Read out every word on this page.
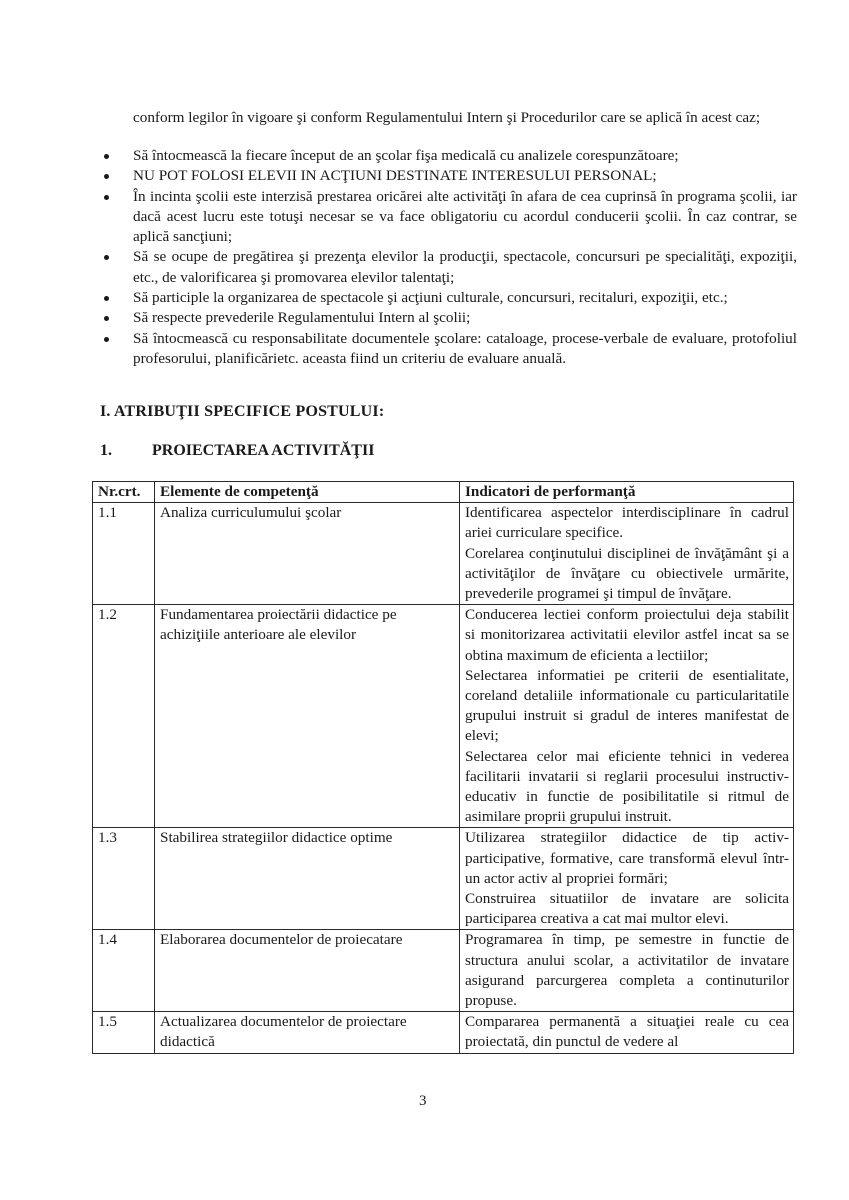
conform legilor în vigoare şi conform Regulamentului Intern şi Procedurilor care se aplică în acest caz;
Să întocmească la fiecare început de an şcolar fişa medicală cu analizele corespunzătoare;
NU POT FOLOSI ELEVII IN ACŢIUNI DESTINATE INTERESULUI PERSONAL;
În incinta şcolii este interzisă prestarea oricărei alte activităţi în afara de cea cuprinsă în programa şcolii, iar dacă acest lucru este totuşi necesar se va face obligatoriu cu acordul conducerii şcolii. În caz contrar, se aplică sancţiuni;
Să se ocupe de pregătirea şi prezenţa elevilor la producţii, spectacole, concursuri pe specialităţi, expoziţii, etc., de valorificarea şi promovarea elevilor talentaţi;
Să participle la organizarea de spectacole şi acţiuni culturale, concursuri, recitaluri, expoziţii, etc.;
Să respecte prevederile Regulamentului Intern al şcolii;
Să întocmească cu responsabilitate documentele şcolare: cataloage, procese-verbale de evaluare, protofoliul profesorului, planificărietc. aceasta fiind un criteriu de evaluare anuală.
I. ATRIBUŢII SPECIFICE POSTULUI:
1.	PROIECTAREA ACTIVITĂŢII
Nr.crt.	Elemente de competenţă	Indicatori de performanţă
1.1	Analiza curriculumului şcolar	Identificarea aspectelor interdisciplinare în cadrul ariei curriculare specifice.
Corelarea conţinutului disciplinei de învăţământ şi a activităţilor de învăţare cu obiectivele urmărite, prevederile programei şi timpul de învăţare.

1.2	Fundamentarea proiectării didactice pe achiziţiile anterioare ale elevilor	Conducerea lectiei conform proiectului deja stabilit si monitorizarea activitatii elevilor astfel incat sa se obtina maximum de eficienta a lectiilor;
Selectarea informatiei pe criterii de esentialitate, coreland detaliile informationale cu particularitatile grupului instruit si gradul de interes manifestat de elevi;
Selectarea celor mai eficiente tehnici in vederea facilitarii invatarii si reglarii procesului instructiv-educativ in functie de posibilitatile si ritmul de asimilare proprii grupului instruit.

1.3	Stabilirea strategiilor didactice optime	Utilizarea strategiilor didactice de tip activ-participative, formative, care transformă elevul într-un actor activ al propriei formări;
Construirea situatiilor de invatare are solicita participarea creativa a cat mai multor elevi.

1.4	Elaborarea documentelor de proiecatare	Programarea în timp, pe semestre in functie de structura anului scolar, a activitatilor de invatare asigurand parcurgerea completa a continuturilor propuse.

1.5	Actualizarea documentelor de proiectare didactică	Compararea permanentă a situaţiei reale cu cea proiectată, din punctul de vedere al
3
